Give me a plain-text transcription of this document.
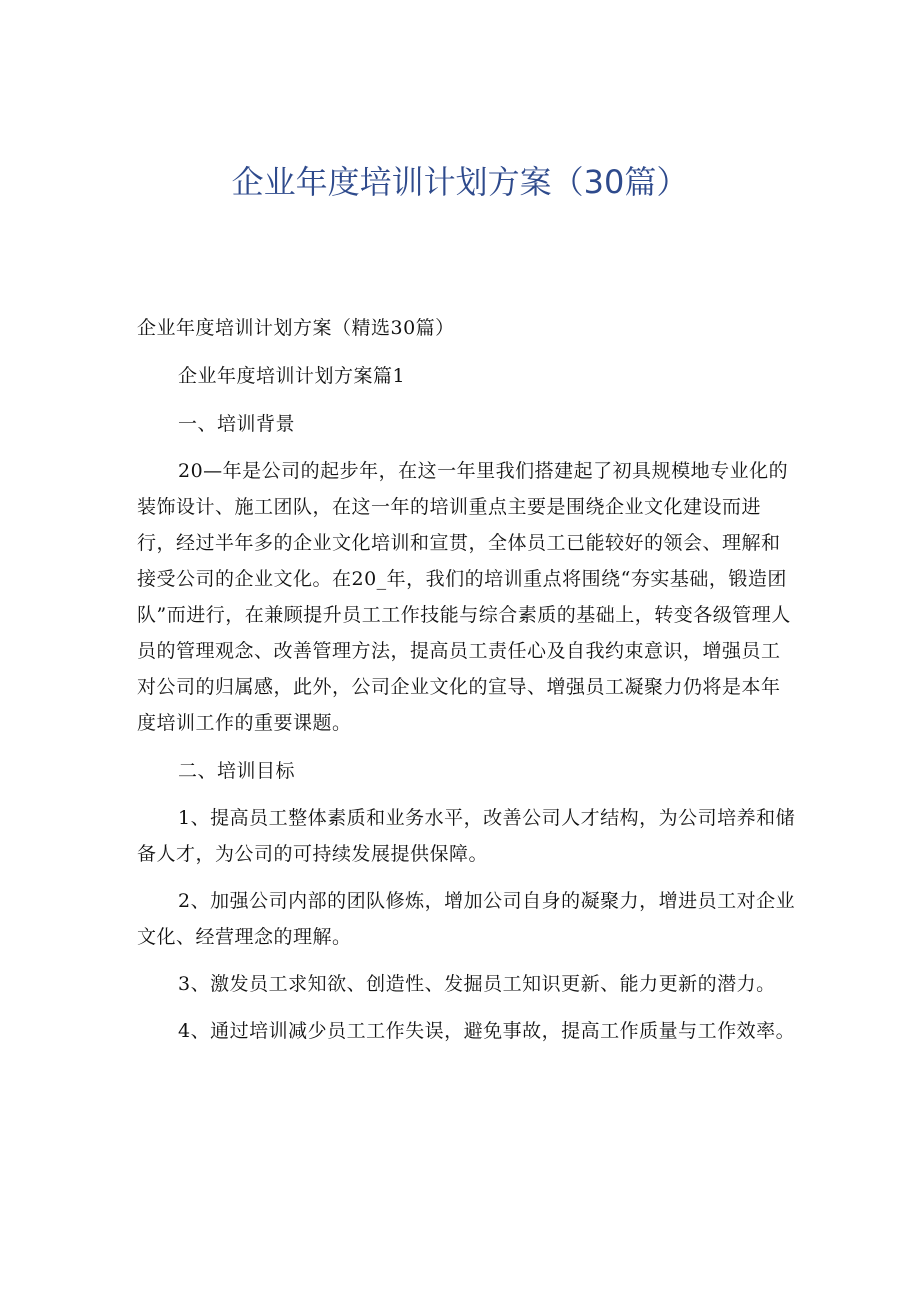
企业年度培训计划方案（30篇）

企业年度培训计划方案（精选30篇）

企业年度培训计划方案篇1

一、培训背景

20—年是公司的起步年，在这一年里我们搭建起了初具规模地专业化的装饰设计、施工团队，在这一年的培训重点主要是围绕企业文化建设而进行，经过半年多的企业文化培训和宣贯，全体员工已能较好的领会、理解和接受公司的企业文化。在20_年，我们的培训重点将围绕“夯实基础，锻造团队”而进行，在兼顾提升员工工作技能与综合素质的基础上，转变各级管理人员的管理观念、改善管理方法，提高员工责任心及自我约束意识，增强员工对公司的归属感，此外，公司企业文化的宣导、增强员工凝聚力仍将是本年度培训工作的重要课题。

二、培训目标

1、提高员工整体素质和业务水平，改善公司人才结构，为公司培养和储备人才，为公司的可持续发展提供保障。

2、加强公司内部的团队修炼，增加公司自身的凝聚力，增进员工对企业文化、经营理念的理解。

3、激发员工求知欲、创造性、发掘员工知识更新、能力更新的潜力。

4、通过培训减少员工工作失误，避免事故，提高工作质量与工作效率。
